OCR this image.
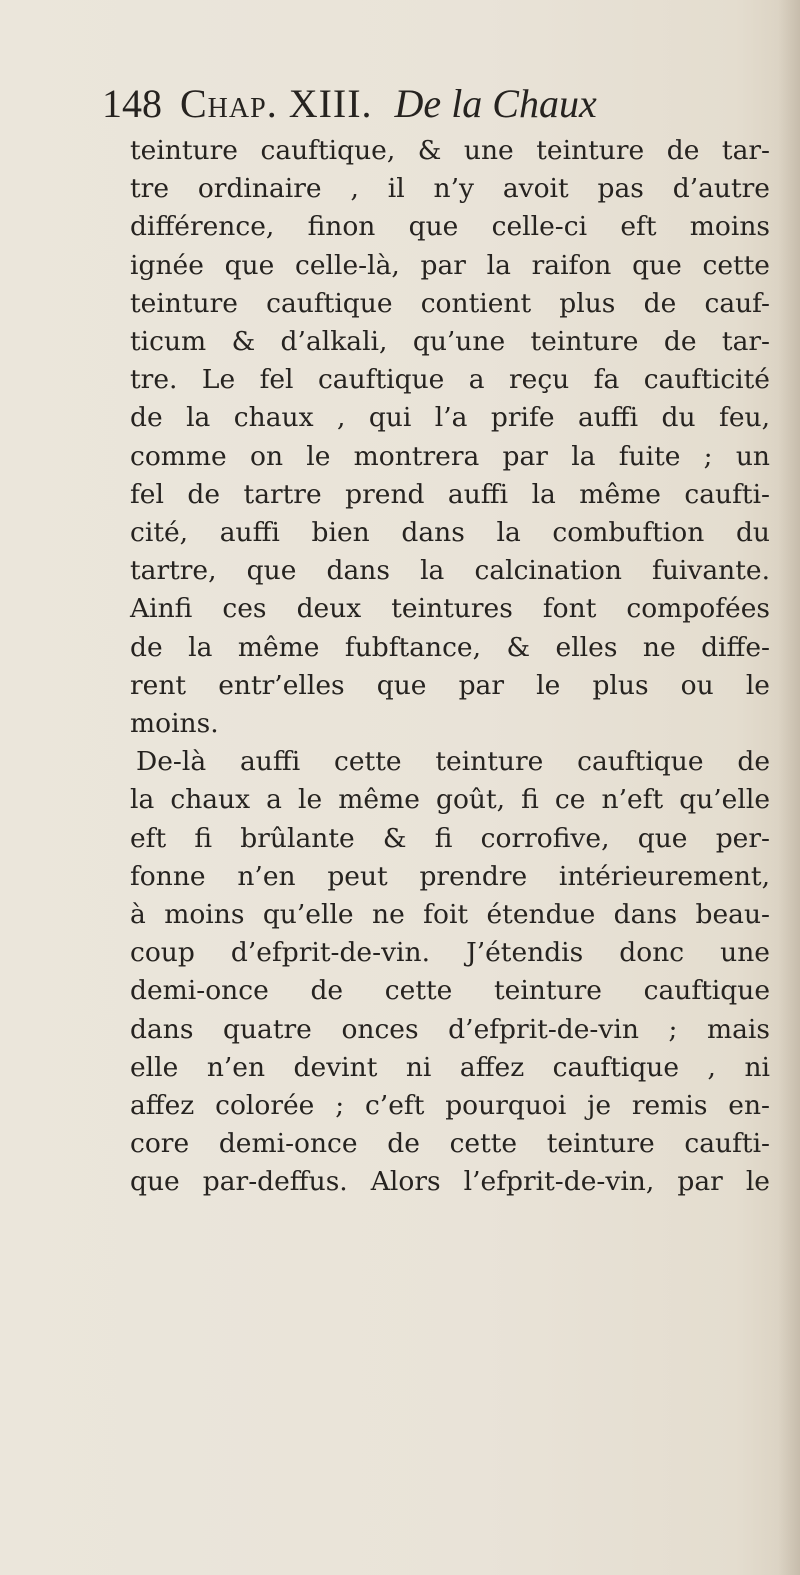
148 Chap. XIII. De la Chaux
teinture cauftique, & une teinture de tar-
tre ordinaire , il n’y avoit pas d’autre
différence, finon que celle-ci eft moins
ignée que celle-là, par la raifon que cette
teinture cauftique contient plus de cauf-
ticum & d’alkali, qu’une teinture de tar-
tre. Le fel cauftique a reçu fa caufticité
de la chaux , qui l’a prife auffi du feu,
comme on le montrera par la fuite ; un
fel de tartre prend auffi la même caufti-
cité, auffi bien dans la combuftion du
tartre, que dans la calcination fuivante.
Ainfi ces deux teintures font compofées
de la même fubftance, & elles ne diffe-
rent entr’elles que par le plus ou le
moins.
De-là auffi cette teinture cauftique de
la chaux a le même goût, fi ce n’eft qu’elle
eft fi brûlante & fi corrofive, que per-
fonne n’en peut prendre intérieurement,
à moins qu’elle ne foit étendue dans beau-
coup d’efprit-de-vin. J’étendis donc une
demi-once de cette teinture cauftique
dans quatre onces d’efprit-de-vin ; mais
elle n’en devint ni affez cauftique , ni
affez colorée ; c’eft pourquoi je remis en-
core demi-once de cette teinture caufti-
que par-deffus. Alors l’efprit-de-vin, par le
